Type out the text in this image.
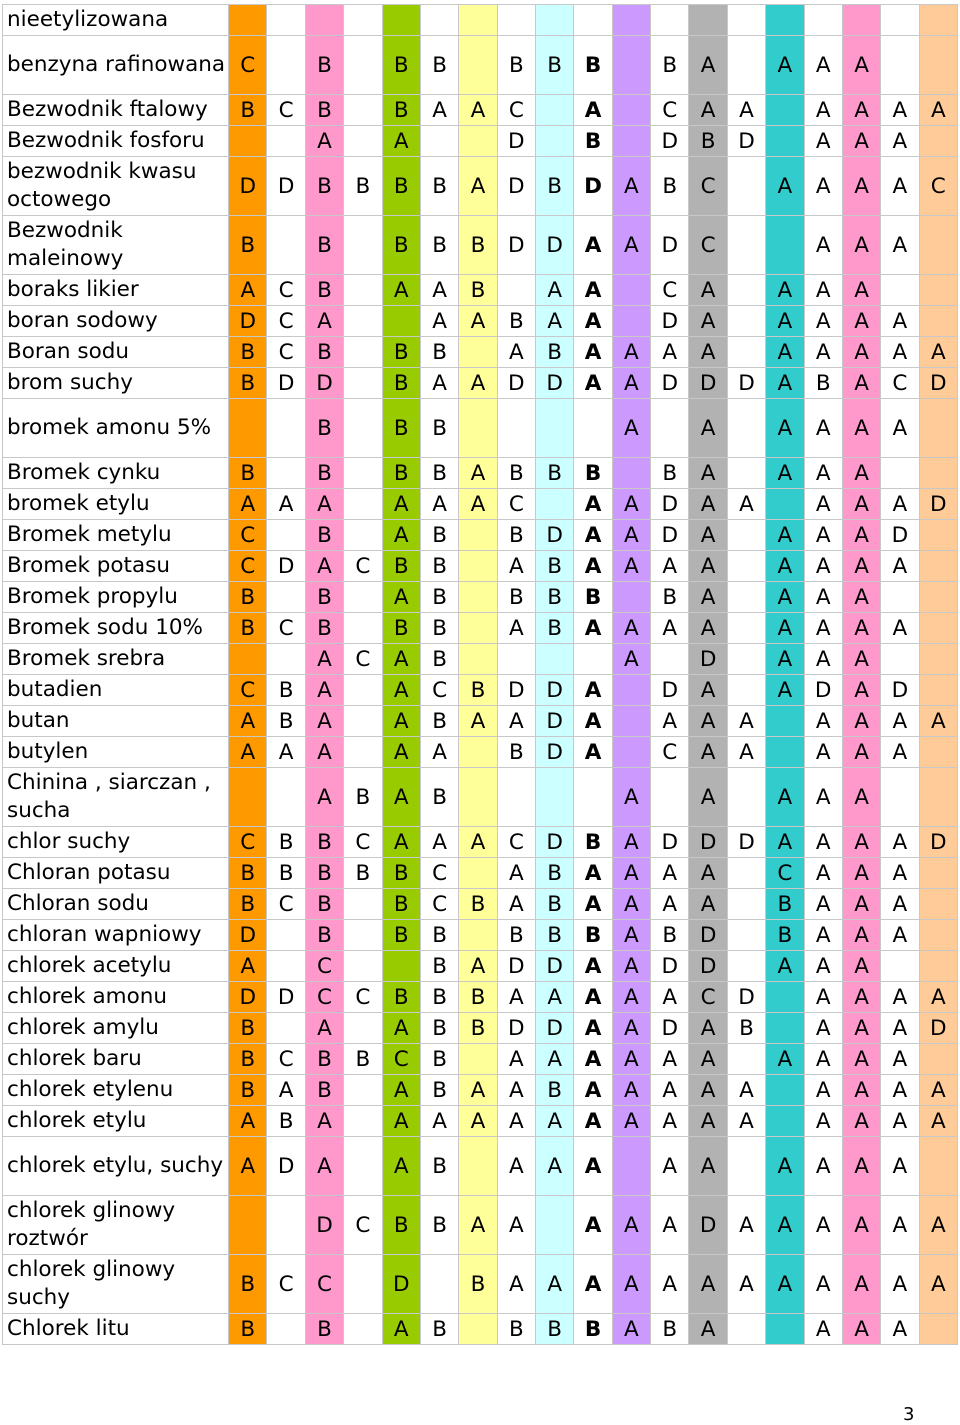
nieetylizowana																			
benzyna rafinowana	C		B		B	B		B	B	B		B	A		A	A	A		
Bezwodnik ftalowy	B	C	B		B	A	A	C		A		C	A	A		A	A	A	A
Bezwodnik fosforu			A		A			D		B		D	B	D		A	A	A	
bezwodnik kwasu octowego	D	D	B	B	B	B	A	D	B	D	A	B	C		A	A	A	A	C
Bezwodnik maleinowy	B		B		B	B	B	D	D	A	A	D	C			A	A	A	
boraks likier	A	C	B		A	A	B		A	A		C	A		A	A	A		
boran sodowy	D	C	A			A	A	B	A	A		D	A		A	A	A	A	
Boran sodu	B	C	B		B	B		A	B	A	A	A	A		A	A	A	A	A
brom suchy	B	D	D		B	A	A	D	D	A	A	D	D	D	A	B	A	C	D
bromek amonu 5%			B		B	B					A		A		A	A	A	A	
Bromek cynku	B		B		B	B	A	B	B	B		B	A		A	A	A		
bromek etylu	A	A	A		A	A	A	C		A	A	D	A	A		A	A	A	D
Bromek metylu	C		B		A	B		B	D	A	A	D	A		A	A	A	D	
Bromek potasu	C	D	A	C	B	B		A	B	A	A	A	A		A	A	A	A	
Bromek propylu	B		B		A	B		B	B	B		B	A		A	A	A		
Bromek sodu 10%	B	C	B		B	B		A	B	A	A	A	A		A	A	A	A	
Bromek srebra			A	C	A	B					A		D		A	A	A		
butadien	C	B	A		A	C	B	D	D	A		D	A		A	D	A	D	
butan	A	B	A		A	B	A	A	D	A		A	A	A		A	A	A	A
butylen	A	A	A		A	A		B	D	A		C	A	A		A	A	A	
Chinina , siarczan , sucha			A	B	A	B					A		A		A	A	A		
chlor suchy	C	B	B	C	A	A	A	C	D	B	A	D	D	D	A	A	A	A	D
Chloran potasu	B	B	B	B	B	C		A	B	A	A	A	A		C	A	A	A	
Chloran sodu	B	C	B		B	C	B	A	B	A	A	A	A		B	A	A	A	
chloran wapniowy	D		B		B	B		B	B	B	A	B	D		B	A	A	A	
chlorek acetylu	A		C			B	A	D	D	A	A	D	D		A	A	A		
chlorek amonu	D	D	C	C	B	B	B	A	A	A	A	A	C	D		A	A	A	A
chlorek amylu	B		A		A	B	B	D	D	A	A	D	A	B		A	A	A	D
chlorek baru	B	C	B	B	C	B		A	A	A	A	A	A		A	A	A	A	
chlorek etylenu	B	A	B		A	B	A	A	B	A	A	A	A	A		A	A	A	A
chlorek etylu	A	B	A		A	A	A	A	A	A	A	A	A	A		A	A	A	A
chlorek etylu, suchy	A	D	A		A	B		A	A	A		A	A		A	A	A	A	
chlorek glinowy roztwór			D	C	B	B	A	A		A	A	A	D	A	A	A	A	A	A
chlorek glinowy suchy	B	C	C		D		B	A	A	A	A	A	A	A	A	A	A	A	A
Chlorek litu	B		B		A	B		B	B	B	A	B	A			A	A	A	
3
